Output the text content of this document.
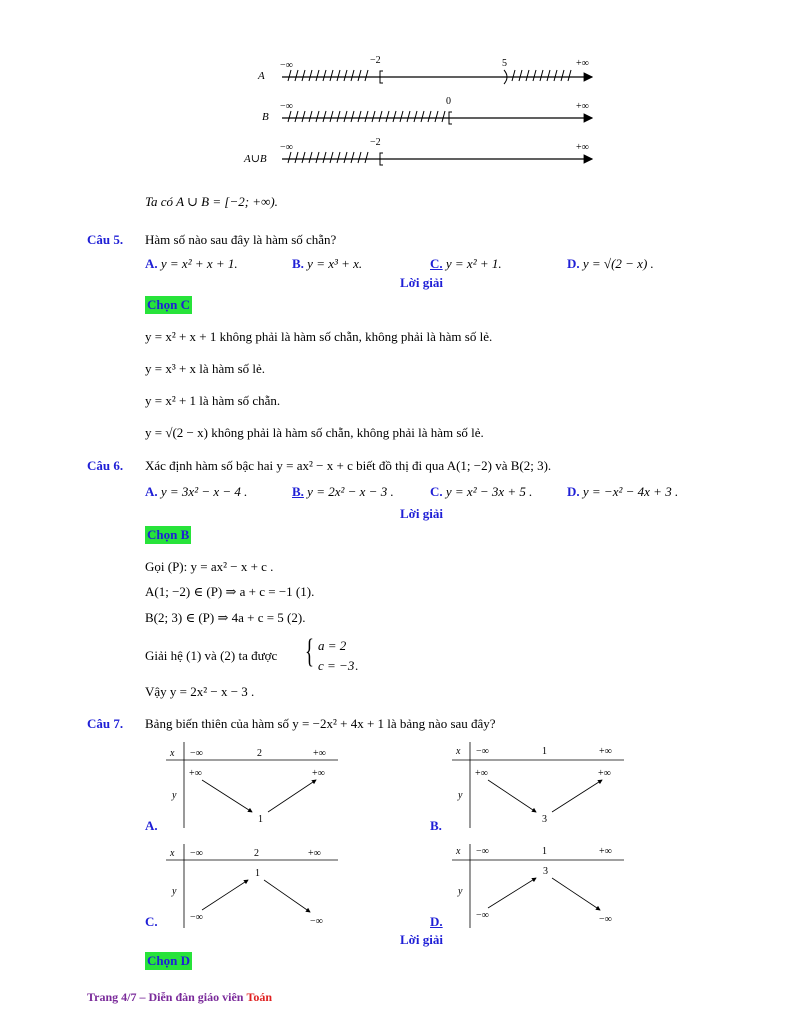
A
−∞	−2	5	+∞
B
−∞	0	+∞
A∪B
−∞	−2	+∞
Ta có A ∪ B = [−2; +∞).
Câu 5. Hàm số nào sau đây là hàm số chẵn?
A. y = x² + x + 1.	B. y = x³ + x.	C. y = x² + 1.	D. y = √(2 − x) .
Lời giải
Chọn C
y = x² + x + 1 không phải là hàm số chẵn, không phải là hàm số lẻ.
y = x³ + x là hàm số lẻ.
y = x² + 1 là hàm số chẵn.
y = √(2 − x) không phải là hàm số chẵn, không phải là hàm số lẻ.
Câu 6. Xác định hàm số bậc hai y = ax² − x + c biết đồ thị đi qua A(1; −2) và B(2; 3).
A. y = 3x² − x − 4 .	B. y = 2x² − x − 3 .	C. y = x² − 3x + 5 .	D. y = −x² − 4x + 3 .
Lời giải
Chọn B
Gọi (P): y = ax² − x + c .
A(1; −2) ∈ (P) ⇒ a + c = −1 (1).
B(2; 3) ∈ (P) ⇒ 4a + c = 5 (2).
Giải hệ (1) và (2) ta được { a = 2
c = −3 .
Vậy y = 2x² − x − 3 .
Câu 7. Bảng biến thiên của hàm số y = −2x² + 4x + 1 là bảng nào sau đây?
x −∞	2	+∞
y
+∞
1
+∞
A.
x −∞	1	+∞
y
+∞
3
+∞
B.
x −∞	2	+∞
y
−∞
1
−∞
C.
x −∞	1	+∞
y
−∞
3
−∞
D.
Lời giải
Chọn D
Trang 4/7 – Diễn đàn giáo viên Toán
